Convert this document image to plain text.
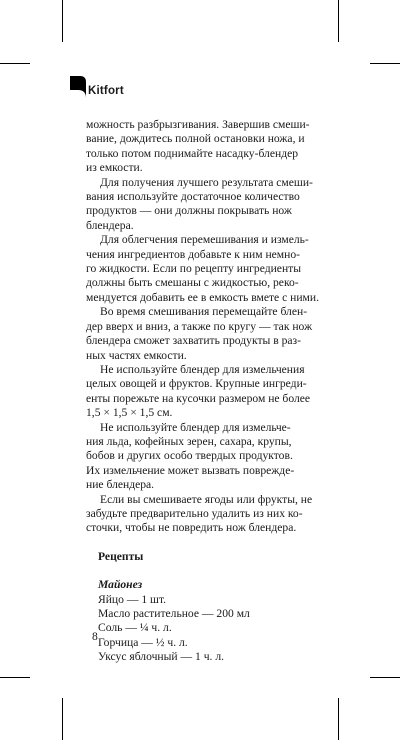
Kitfort

можность разбрызгивания. Завершив смеши-
вание, дождитесь полной остановки ножа, и
только потом поднимайте насадку-блендер
из емкости.

Для получения лучшего результата смеши-
вания используйте достаточное количество
продуктов — они должны покрывать нож
блендера.

Для облегчения перемешивания и измель-
чения ингредиентов добавьте к ним немно-
го жидкости. Если по рецепту ингредиенты
должны быть смешаны с жидкостью, реко-
мендуется добавить ее в емкость вмете с ними.

Во время смешивания перемещайте блен-
дер вверх и вниз, а также по кругу — так нож
блендера сможет захватить продукты в раз-
ных частях емкости.

Не используйте блендер для измельчения
целых овощей и фруктов. Крупные ингреди-
енты порежьте на кусочки размером не более
1,5 × 1,5 × 1,5 см.

Не используйте блендер для измельче-
ния льда, кофейных зерен, сахара, крупы,
бобов и других особо твердых продуктов.
Их измельчение может вызвать поврежде-
ние блендера.

Если вы смешиваете ягоды или фрукты, не
забудьте предварительно удалить из них ко-
сточки, чтобы не повредить нож блендера.

Рецепты
Майонез
Яйцо — 1 шт.
Масло растительное — 200 мл
Соль — ¼ ч. л.
Горчица — ½ ч. л.
Уксус яблочный — 1 ч. л.
8
